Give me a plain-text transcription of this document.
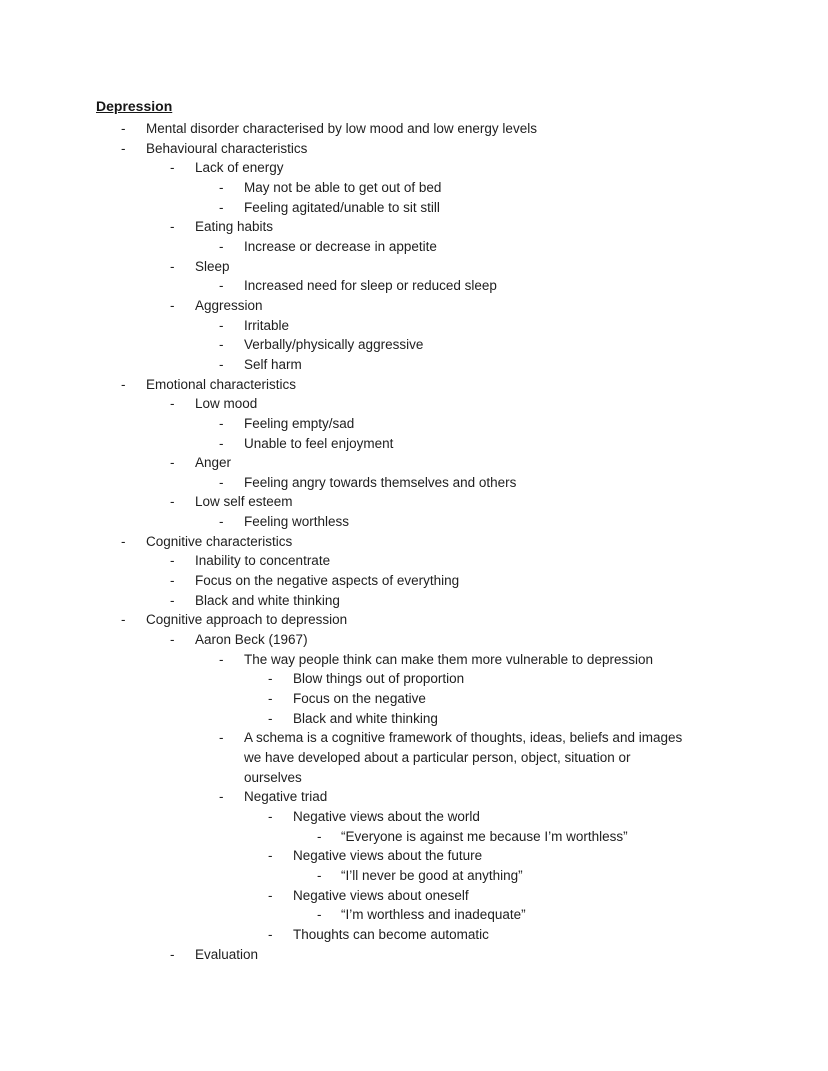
Depression
- Mental disorder characterised by low mood and low energy levels
- Behavioural characteristics
- Lack of energy
- May not be able to get out of bed
- Feeling agitated/unable to sit still
- Eating habits
- Increase or decrease in appetite
- Sleep
- Increased need for sleep or reduced sleep
- Aggression
- Irritable
- Verbally/physically aggressive
- Self harm
- Emotional characteristics
- Low mood
- Feeling empty/sad
- Unable to feel enjoyment
- Anger
- Feeling angry towards themselves and others
- Low self esteem
- Feeling worthless
- Cognitive characteristics
- Inability to concentrate
- Focus on the negative aspects of everything
- Black and white thinking
- Cognitive approach to depression
- Aaron Beck (1967)
- The way people think can make them more vulnerable to depression
- Blow things out of proportion
- Focus on the negative
- Black and white thinking
- A schema is a cognitive framework of thoughts, ideas, beliefs and images
we have developed about a particular person, object, situation or
ourselves
- Negative triad
- Negative views about the world
- “Everyone is against me because I’m worthless”
- Negative views about the future
- “I’ll never be good at anything”
- Negative views about oneself
- “I’m worthless and inadequate”
- Thoughts can become automatic
- Evaluation
